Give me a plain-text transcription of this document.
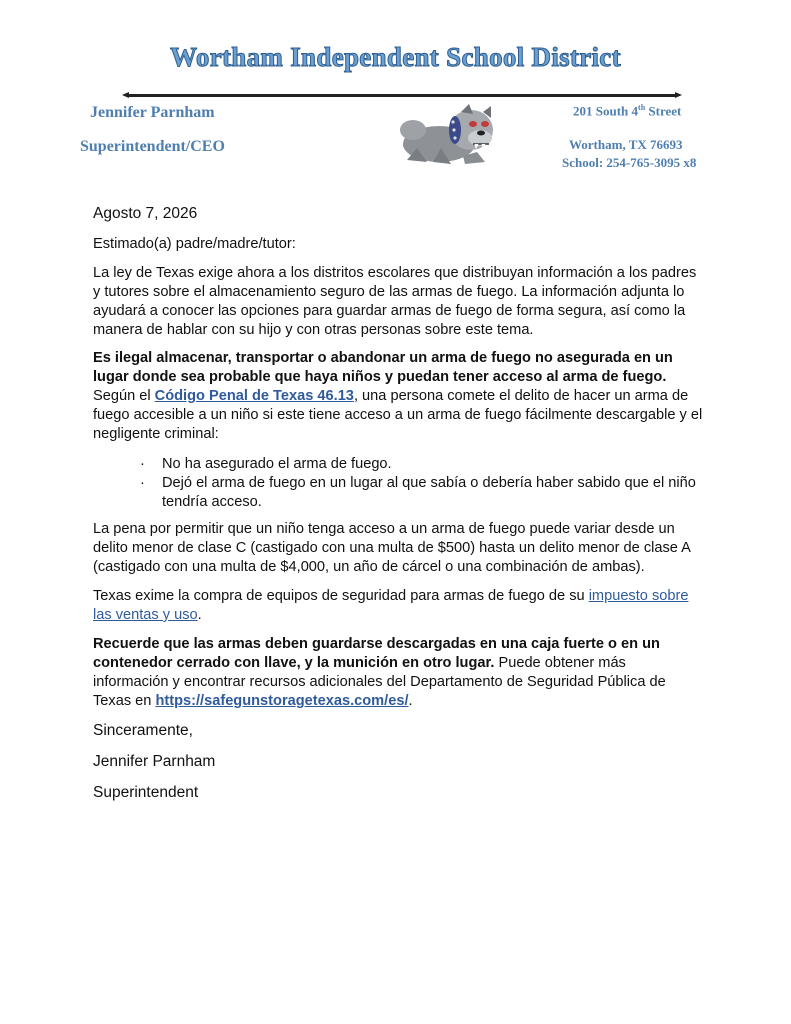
Wortham Independent School District
Jennifer Parnham
Superintendent/CEO
201 South 4th Street
Wortham, TX 76693
School: 254-765-3095 x8
Agosto 7, 2026
Estimado(a) padre/madre/tutor:

La ley de Texas exige ahora a los distritos escolares que distribuyan información a los padres y tutores sobre el almacenamiento seguro de las armas de fuego. La información adjunta lo ayudará a conocer las opciones para guardar armas de fuego de forma segura, así como la manera de hablar con su hijo y con otras personas sobre este tema.

Es ilegal almacenar, transportar o abandonar un arma de fuego no asegurada en un lugar donde sea probable que haya niños y puedan tener acceso al arma de fuego. Según el Código Penal de Texas 46.13, una persona comete el delito de hacer un arma de fuego accesible a un niño si este tiene acceso a un arma de fuego fácilmente descargable y el negligente criminal:

· No ha asegurado el arma de fuego.
· Dejó el arma de fuego en un lugar al que sabía o debería haber sabido que el niño tendría acceso.

La pena por permitir que un niño tenga acceso a un arma de fuego puede variar desde un delito menor de clase C (castigado con una multa de $500) hasta un delito menor de clase A (castigado con una multa de $4,000, un año de cárcel o una combinación de ambas).

Texas exime la compra de equipos de seguridad para armas de fuego de su impuesto sobre las ventas y uso.

Recuerde que las armas deben guardarse descargadas en una caja fuerte o en un contenedor cerrado con llave, y la munición en otro lugar. Puede obtener más información y encontrar recursos adicionales del Departamento de Seguridad Pública de Texas en https://safegunstoragetexas.com/es/.

Sinceramente,
Jennifer Parnham
Superintendent
